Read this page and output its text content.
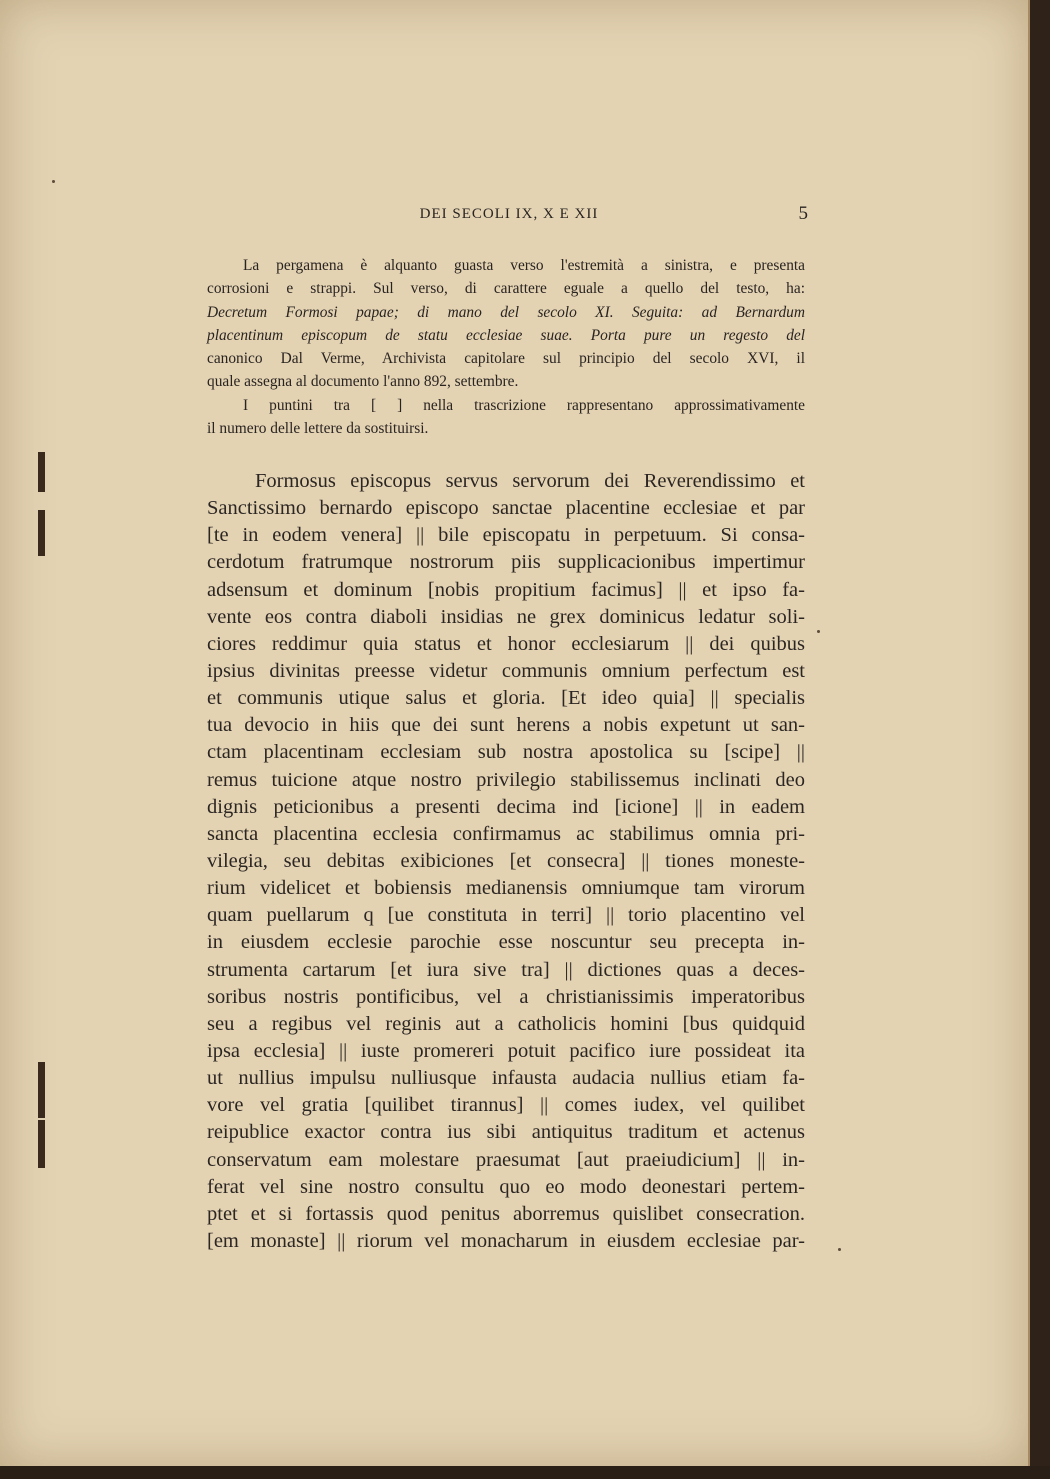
DEI SECOLI IX, X E XII	5

La pergamena è alquanto guasta verso l'estremità a sinistra, e presenta

corrosioni e strappi. Sul verso, di carattere eguale a quello del testo, ha:

Decretum Formosi papae; di mano del secolo XI. Seguita: ad Bernardum

placentinum episcopum de statu ecclesiae suae. Porta pure un regesto del

canonico Dal Verme, Archivista capitolare sul principio del secolo XVI, il

quale assegna al documento l'anno 892, settembre.

I puntini tra [ ] nella trascrizione rappresentano approssimativamente

il numero delle lettere da sostituirsi.

Formosus episcopus servus servorum dei Reverendissimo et
Sanctissimo bernardo episcopo sanctae placentine ecclesiae et par
[te in eodem venera] || bile episcopatu in perpetuum. Si consa-
cerdotum fratrumque nostrorum piis supplicacionibus impertimur
adsensum et dominum [nobis propitium facimus] || et ipso fa-
vente eos contra diaboli insidias ne grex dominicus ledatur soli-
ciores reddimur quia status et honor ecclesiarum || dei quibus
ipsius divinitas preesse videtur communis omnium perfectum est
et communis utique salus et gloria. [Et ideo quia] || specialis
tua devocio in hiis que dei sunt herens a nobis expetunt ut san-
ctam placentinam ecclesiam sub nostra apostolica su [scipe] ||
remus tuicione atque nostro privilegio stabilissemus inclinati deo
dignis peticionibus a presenti decima ind [icione] || in eadem
sancta placentina ecclesia confirmamus ac stabilimus omnia pri-
vilegia, seu debitas exibiciones [et consecra] || tiones moneste-
rium videlicet et bobiensis medianensis omniumque tam virorum
quam puellarum q [ue constituta in terri] || torio placentino vel
in eiusdem ecclesie parochie esse noscuntur seu precepta in-
strumenta cartarum [et iura sive tra] || dictiones quas a deces-
soribus nostris pontificibus, vel a christianissimis imperatoribus
seu a regibus vel reginis aut a catholicis homini [bus quidquid
ipsa ecclesia] || iuste promereri potuit pacifico iure possideat ita
ut nullius impulsu nulliusque infausta audacia nullius etiam fa-
vore vel gratia [quilibet tirannus] || comes iudex, vel quilibet
reipublice exactor contra ius sibi antiquitus traditum et actenus
conservatum eam molestare praesumat [aut praeiudicium] || in-
ferat vel sine nostro consultu quo eo modo deonestari pertem-
ptet et si fortassis quod penitus aborremus quislibet consecration.
[em monaste] || riorum vel monacharum in eiusdem ecclesiae par-
